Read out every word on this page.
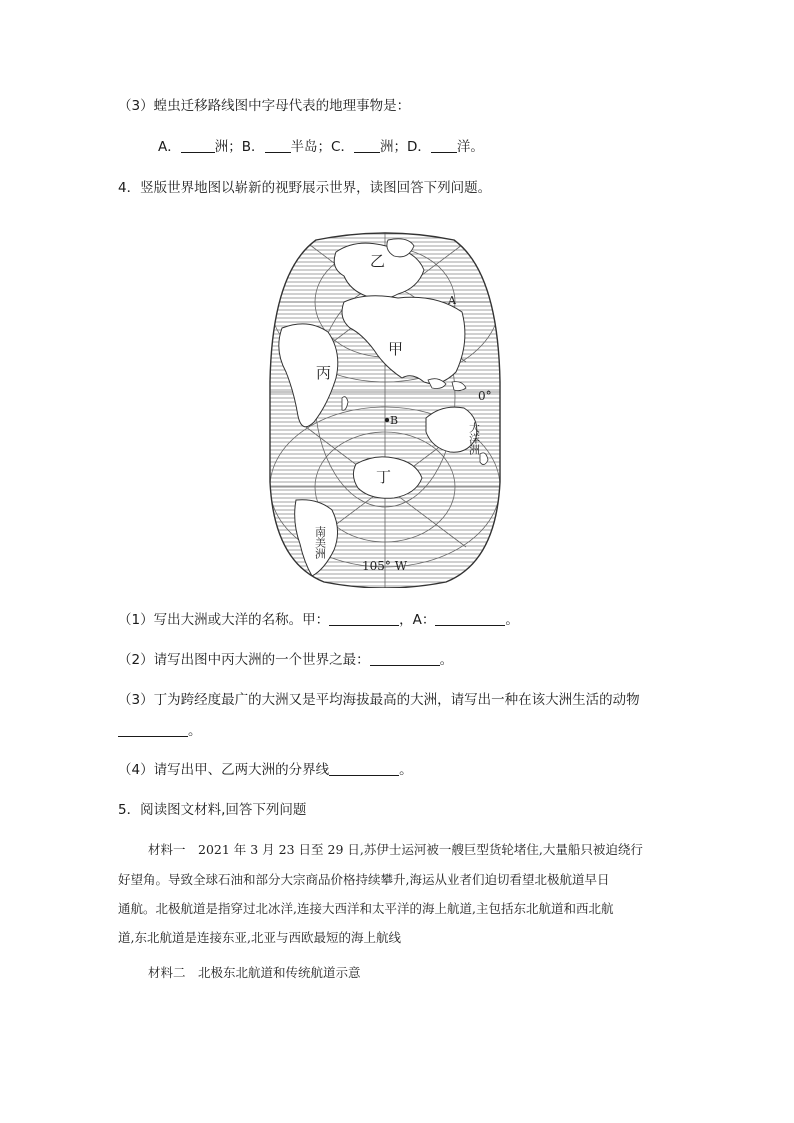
（3）蝗虫迁移路线图中字母代表的地理事物是：
A．	洲；B． 半岛；C． 洲；D． 洋。
4．竖版世界地图以崭新的视野展示世界，读图回答下列问题。
乙
甲
丙
丁
A
B
0°
大洋洲
南美洲
105° W
（1）写出大洲或大洋的名称。甲：	，A：	。
（2）请写出图中丙大洲的一个世界之最：	。
（3）丁为跨经度最广的大洲又是平均海拔最高的大洲，请写出一种在该大洲生活的动物
。
（4）请写出甲、乙两大洲的分界线	。
5．阅读图文材料,回答下列问题
材料一　2021 年 3 月 23 日至 29 日,苏伊士运河被一艘巨型货轮堵住,大量船只被迫绕行
好望角。导致全球石油和部分大宗商品价格持续攀升,海运从业者们迫切看望北极航道早日
通航。北极航道是指穿过北冰洋,连接大西洋和太平洋的海上航道,主包括东北航道和西北航
道,东北航道是连接东亚,北亚与西欧最短的海上航线
材料二　北极东北航道和传统航道示意
